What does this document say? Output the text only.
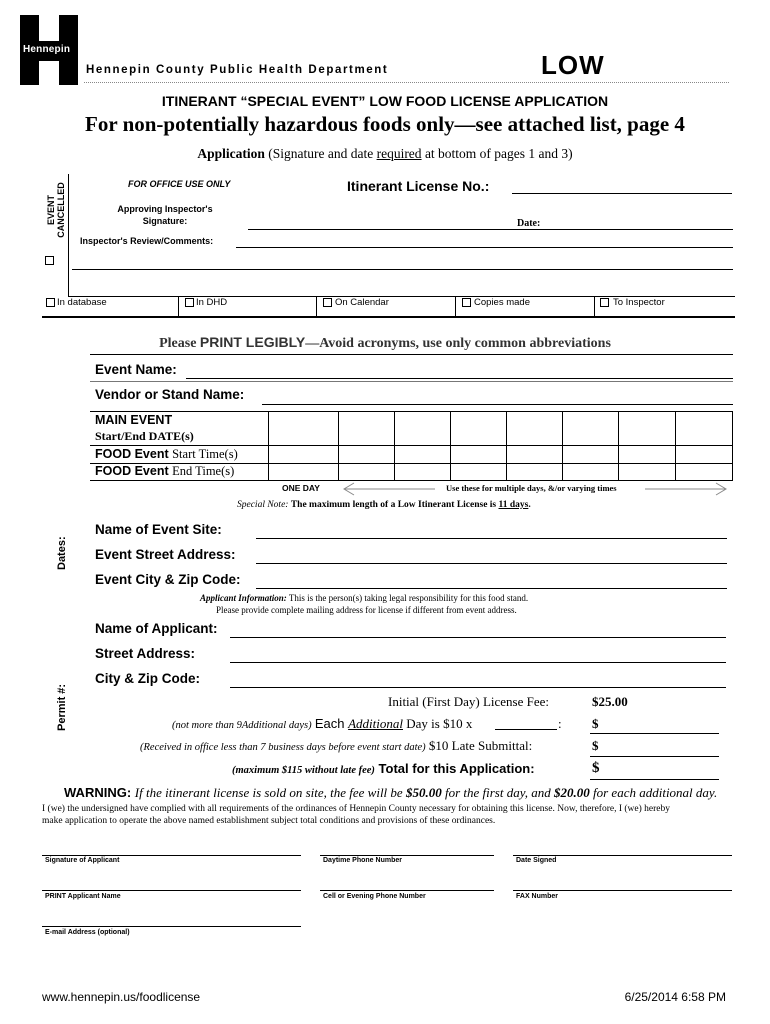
Hennepin
Hennepin County Public Health Department	LOW
ITINERANT “SPECIAL EVENT” LOW FOOD LICENSE APPLICATION
For non-potentially hazardous foods only—see attached list, page 4
Application (Signature and date required at bottom of pages 1 and 3)
FOR OFFICE USE ONLY	Itinerant License No.:
EVENT CANCELLED	Approving Inspector's
Signature:	Date:
Inspector's Review/Comments:
In database	In DHD	On Calendar	Copies made	To Inspector
Please PRINT LEGIBLY—Avoid acronyms, use only common abbreviations
Event Name:
Vendor or Stand Name:
MAIN EVENT
Start/End DATE(s)
FOOD Event Start Time(s)
FOOD Event End Time(s)
ONE DAY	Use these for multiple days, &/or varying times
Special Note: The maximum length of a Low Itinerant License is 11 days.
Dates:
Permit #:
Name of Event Site:
Event Street Address:
Event City & Zip Code:
Applicant Information: This is the person(s) taking legal responsibility for this food stand.
Please provide complete mailing address for license if different from event address.
Name of Applicant:
Street Address:
City & Zip Code:
Initial (First Day) License Fee:	$25.00
(not more than 9Additional days) Each Additional Day is $10 x	: $
(Received in office less than 7 business days before event start date) $10 Late Submittal:	$
(maximum $115 without late fee) Total for this Application:	$
WARNING: If the itinerant license is sold on site, the fee will be $50.00 for the first day, and $20.00 for each additional day.
I (we) the undersigned have complied with all requirements of the ordinances of Hennepin County necessary for obtaining this license. Now, therefore, I (we) hereby
make application to operate the above named establishment subject total conditions and provisions of these ordinances.
Signature of Applicant	Daytime Phone Number	Date Signed
PRINT Applicant Name	Cell or Evening Phone Number	FAX Number
E-mail Address (optional)
www.hennepin.us/foodlicense	6/25/2014 6:58 PM
